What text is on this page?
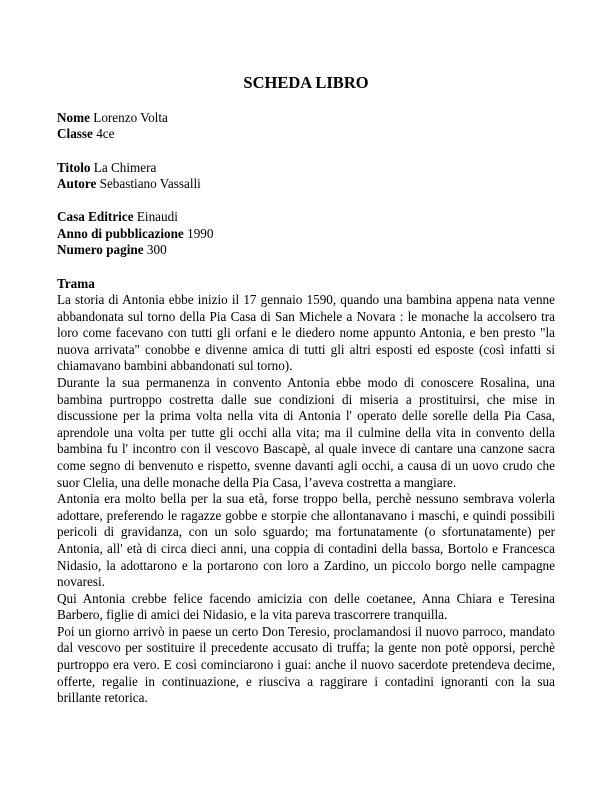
SCHEDA LIBRO
Nome Lorenzo Volta
Classe 4ce
Titolo La Chimera
Autore Sebastiano Vassalli
Casa Editrice Einaudi
Anno di pubblicazione 1990
Numero pagine 300
Trama

La storia di Antonia ebbe inizio il 17 gennaio 1590, quando una bambina appena nata venne abbandonata sul torno della Pia Casa di San Michele a Novara : le monache la accolsero tra loro come facevano con tutti gli orfani e le diedero nome appunto Antonia, e ben presto "la nuova arrivata" conobbe e divenne amica di tutti gli altri esposti ed esposte (così infatti si chiamavano bambini abbandonati sul torno).

Durante la sua permanenza in convento Antonia ebbe modo di conoscere Rosalina, una bambina purtroppo costretta dalle sue condizioni di miseria a prostituirsi, che mise in discussione per la prima volta nella vita di Antonia l' operato delle sorelle della Pia Casa, aprendole una volta per tutte gli occhi alla vita; ma il culmine della vita in convento della bambina fu l' incontro con il vescovo Bascapè, al quale invece di cantare una canzone sacra come segno di benvenuto e rispetto, svenne davanti agli occhi, a causa di un uovo crudo che suor Clelia, una delle monache della Pia Casa, l’aveva costretta a mangiare.

Antonia era molto bella per la sua età, forse troppo bella, perchè nessuno sembrava volerla adottare, preferendo le ragazze gobbe e storpie che allontanavano i maschi, e quindi possibili pericoli di gravidanza, con un solo sguardo; ma fortunatamente (o sfortunatamente) per Antonia, all' età di circa dieci anni, una coppia di contadini della bassa, Bortolo e Francesca Nidasio, la adottarono e la portarono con loro a Zardino, un piccolo borgo nelle campagne novaresi.

Qui Antonia crebbe felice facendo amicizia con delle coetanee, Anna Chiara e Teresina Barbero, figlie di amici dei Nidasio, e la vita pareva trascorrere tranquilla.

Poi un giorno arrivò in paese un certo Don Teresio, proclamandosi il nuovo parroco, mandato dal vescovo per sostituire il precedente accusato di truffa; la gente non potè opporsi, perchè purtroppo era vero. E così cominciarono i guai: anche il nuovo sacerdote pretendeva decime, offerte, regalie in continuazione, e riusciva a raggirare i contadini ignoranti con la sua brillante retorica.
